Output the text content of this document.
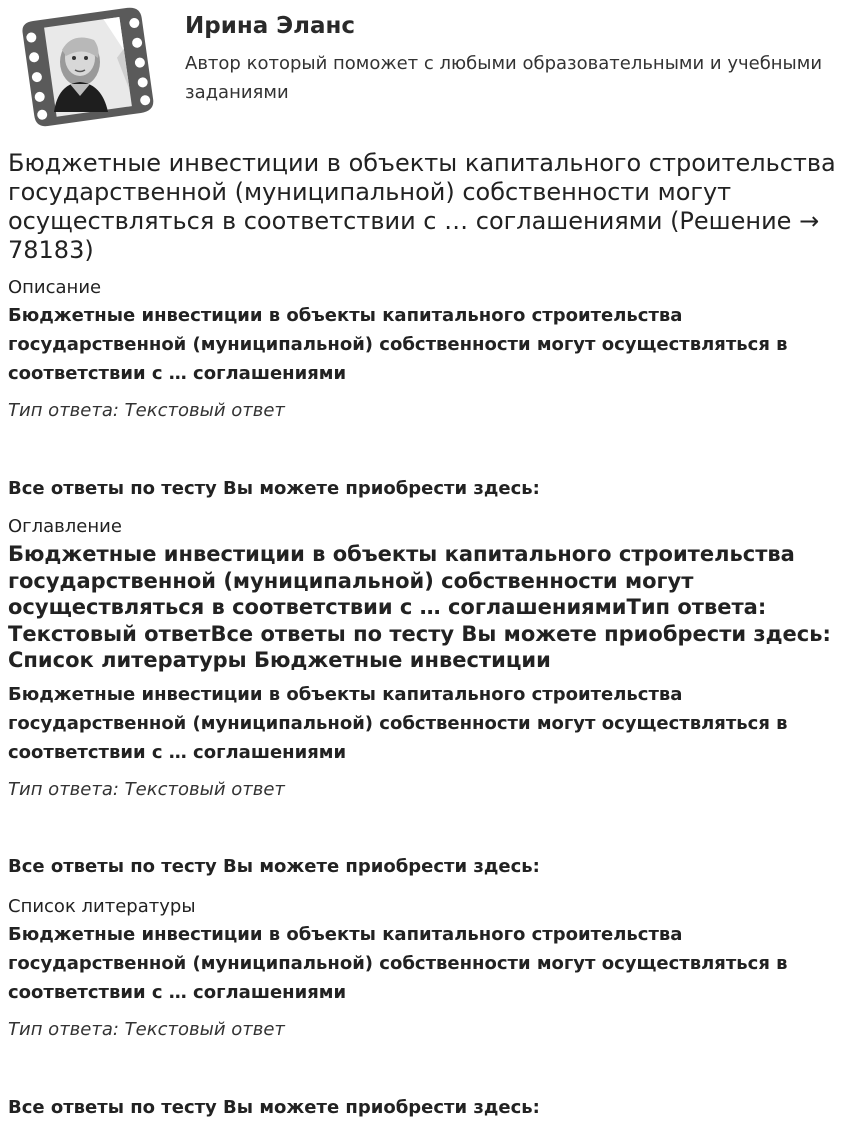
Ирина Эланс
Автор который поможет с любыми образовательными и учебными заданиями
Бюджетные инвестиции в объекты капитального строительства государственной (муниципальной) собственности могут осуществляться в соответствии с … соглашениями (Решение → 78183)
Описание
Бюджетные инвестиции в объекты капитального строительства государственной (муниципальной) собственности могут осуществляться в соответствии с … соглашениями
Тип ответа: Текстовый ответ
Все ответы по тесту Вы можете приобрести здесь:
Оглавление
Бюджетные инвестиции в объекты капитального строительства государственной (муниципальной) собственности могут осуществляться в соответствии с … соглашениямиТип ответа: Текстовый ответВсе ответы по тесту Вы можете приобрести здесь: Список литературы Бюджетные инвестиции
Бюджетные инвестиции в объекты капитального строительства государственной (муниципальной) собственности могут осуществляться в соответствии с … соглашениями
Тип ответа: Текстовый ответ
Все ответы по тесту Вы можете приобрести здесь:
Список литературы
Бюджетные инвестиции в объекты капитального строительства государственной (муниципальной) собственности могут осуществляться в соответствии с … соглашениями
Тип ответа: Текстовый ответ
Все ответы по тесту Вы можете приобрести здесь:
